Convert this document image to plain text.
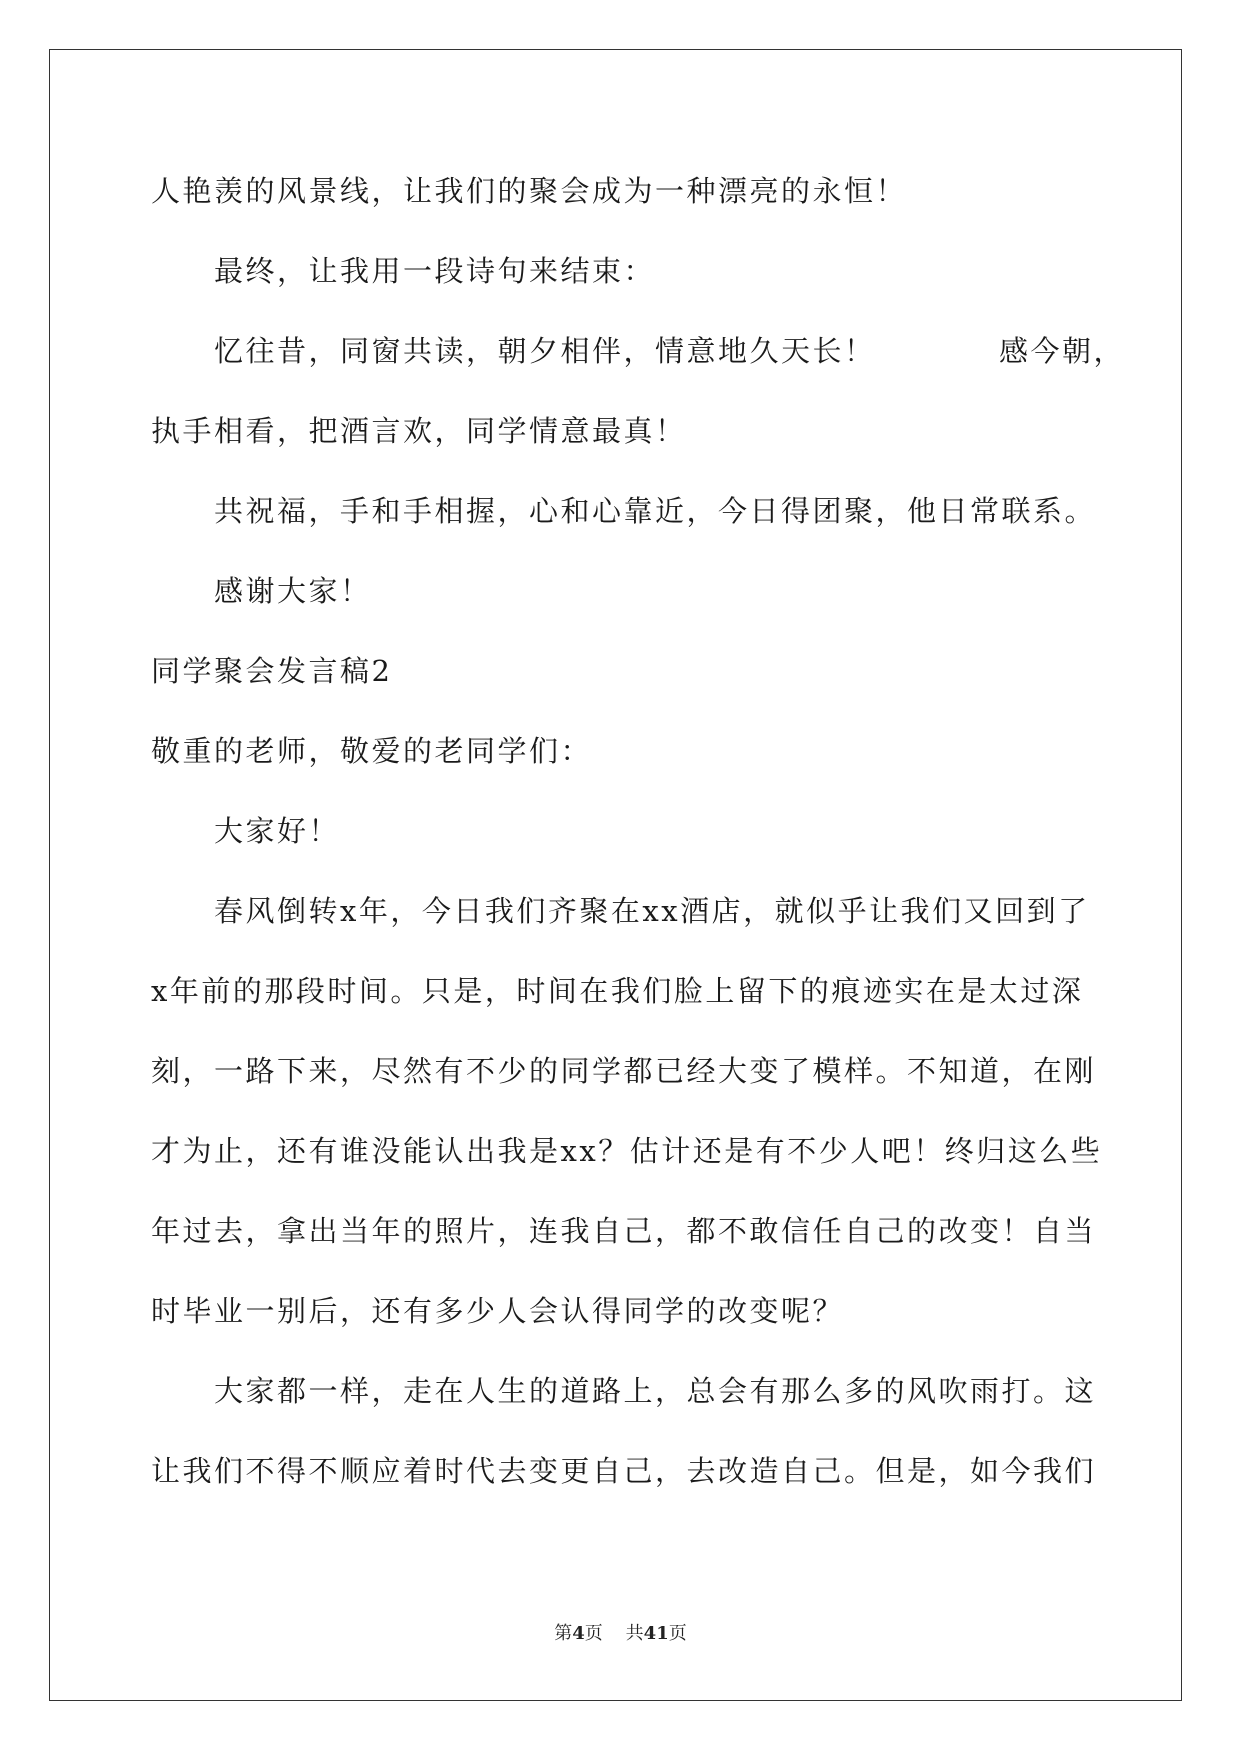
人艳羡的风景线，让我们的聚会成为一种漂亮的永恒！
最终，让我用一段诗句来结束：
忆往昔，同窗共读，朝夕相伴，情意地久天长！	感今朝，
执手相看，把酒言欢，同学情意最真！
共祝福，手和手相握，心和心靠近，今日得团聚，他日常联系。
感谢大家！
同学聚会发言稿2
敬重的老师，敬爱的老同学们：
大家好！
春风倒转x年，今日我们齐聚在xx酒店，就似乎让我们又回到了
x年前的那段时间。只是，时间在我们脸上留下的痕迹实在是太过深
刻，一路下来，尽然有不少的同学都已经大变了模样。不知道，在刚
才为止，还有谁没能认出我是xx？估计还是有不少人吧！终归这么些
年过去，拿出当年的照片，连我自己，都不敢信任自己的改变！自当
时毕业一别后，还有多少人会认得同学的改变呢？
大家都一样，走在人生的道路上，总会有那么多的风吹雨打。这
让我们不得不顺应着时代去变更自己，去改造自己。但是，如今我们
第4页 共41页
